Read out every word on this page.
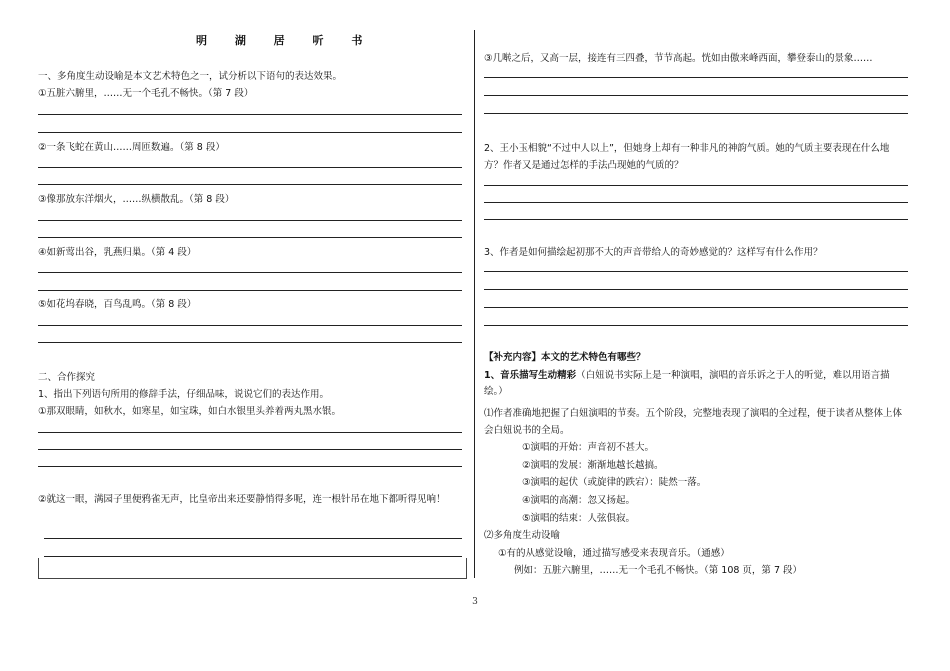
明 湖 居 听 书
一、多角度生动设喻是本文艺术特色之一，试分析以下语句的表达效果。
①五脏六腑里，……无一个毛孔不畅快。（第 7 段）
②一条飞蛇在黄山……周匝数遍。（第 8 段）
③像那放东洋烟火，……纵横散乱。（第 8 段）
④如新莺出谷，乳燕归巢。（第 4 段）
⑤如花坞春晓，百鸟乱鸣。（第 8 段）
二、合作探究
1、指出下列语句所用的修辞手法，仔细品味，说说它们的表达作用。
①那双眼睛，如秋水，如寒星，如宝珠，如白水银里头养着两丸黑水银。
②就这一眼，满园子里便鸦雀无声，比皇帝出来还要静悄得多呢，连一根针吊在地下都听得见响！
③几啭之后，又高一层，接连有三四叠，节节高起。恍如由傲来峰西面，攀登泰山的景象……
2、王小玉相貌“不过中人以上”，但她身上却有一种非凡的神韵气质。她的气质主要表现在什么地方？作者又是通过怎样的手法凸现她的气质的？
3、作者是如何描绘起初那不大的声音带给人的奇妙感觉的？这样写有什么作用？
【补充内容】本文的艺术特色有哪些？
1、音乐描写生动精彩（白妞说书实际上是一种演唱，演唱的音乐诉之于人的听觉，难以用语言描绘。）
⑴作者准确地把握了白妞演唱的节奏。五个阶段，完整地表现了演唱的全过程，便于读者从整体上体会白妞说书的全局。
①演唱的开始：声音初不甚大。
②演唱的发展：渐渐地越长越搞。
③演唱的起伏（或旋律的跌宕）：陡然一落。
④演唱的高潮：忽又扬起。
⑤演唱的结束：人弦俱寂。
⑵多角度生动设喻
①有的从感觉设喻，通过描写感受来表现音乐。（通感）
例如：五脏六腑里，……无一个毛孔不畅快。（第 108 页，第 7 段）
3
